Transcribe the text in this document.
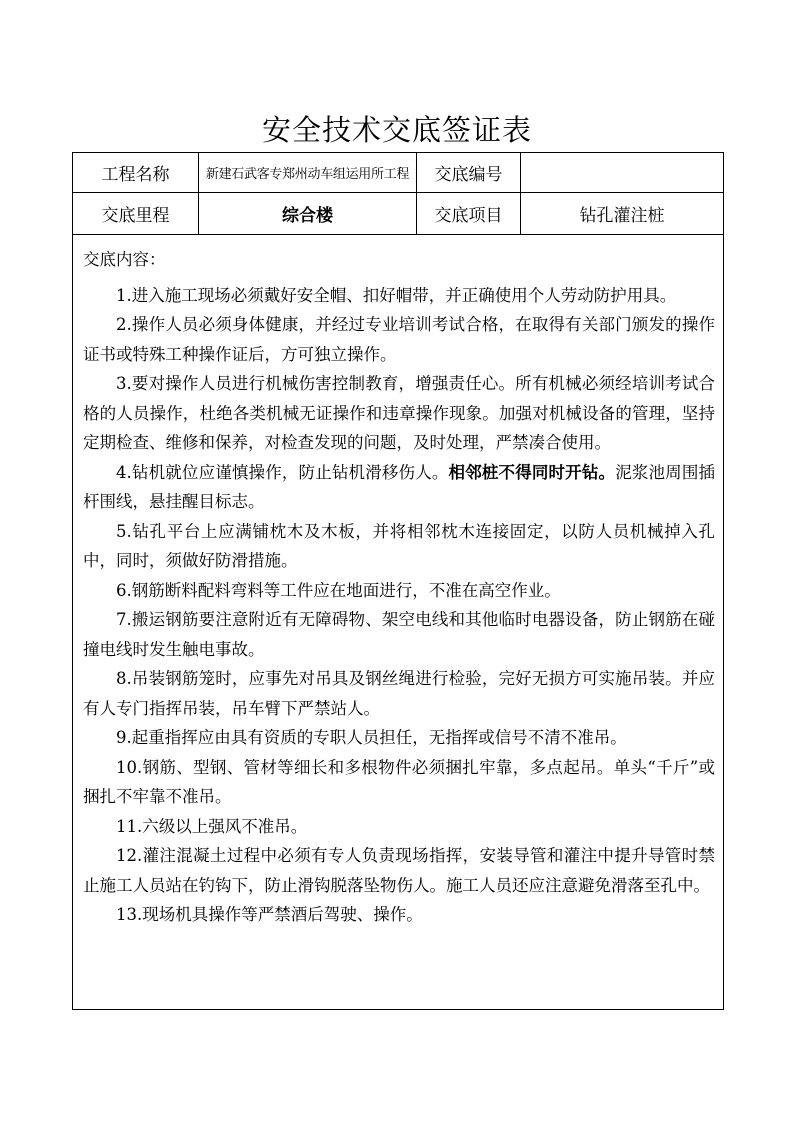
安全技术交底签证表
工程名称	新建石武客专郑州动车组运用所工程	交底编号
交底里程	综合楼	交底项目	钻孔灌注桩

交底内容：

1.进入施工现场必须戴好安全帽、扣好帽带，并正确使用个人劳动防护用具。

2.操作人员必须身体健康，并经过专业培训考试合格，在取得有关部门颁发的操作证书或特殊工种操作证后，方可独立操作。

3.要对操作人员进行机械伤害控制教育，增强责任心。所有机械必须经培训考试合格的人员操作，杜绝各类机械无证操作和违章操作现象。加强对机械设备的管理，坚持定期检查、维修和保养，对检查发现的问题，及时处理，严禁凑合使用。

4.钻机就位应谨慎操作，防止钻机滑移伤人。相邻桩不得同时开钻。泥浆池周围插杆围线，悬挂醒目标志。

5.钻孔平台上应满铺枕木及木板，并将相邻枕木连接固定，以防人员机械掉入孔中，同时，须做好防滑措施。

6.钢筋断料配料弯料等工件应在地面进行，不准在高空作业。

7.搬运钢筋要注意附近有无障碍物、架空电线和其他临时电器设备，防止钢筋在碰撞电线时发生触电事故。

8.吊装钢筋笼时，应事先对吊具及钢丝绳进行检验，完好无损方可实施吊装。并应有人专门指挥吊装，吊车臂下严禁站人。

9.起重指挥应由具有资质的专职人员担任，无指挥或信号不清不准吊。

10.钢筋、型钢、管材等细长和多根物件必须捆扎牢靠，多点起吊。单头“千斤”或捆扎不牢靠不准吊。

11.六级以上强风不准吊。

12.灌注混凝土过程中必须有专人负责现场指挥，安装导管和灌注中提升导管时禁止施工人员站在钓钩下，防止滑钩脱落坠物伤人。施工人员还应注意避免滑落至孔中。

13.现场机具操作等严禁酒后驾驶、操作。
